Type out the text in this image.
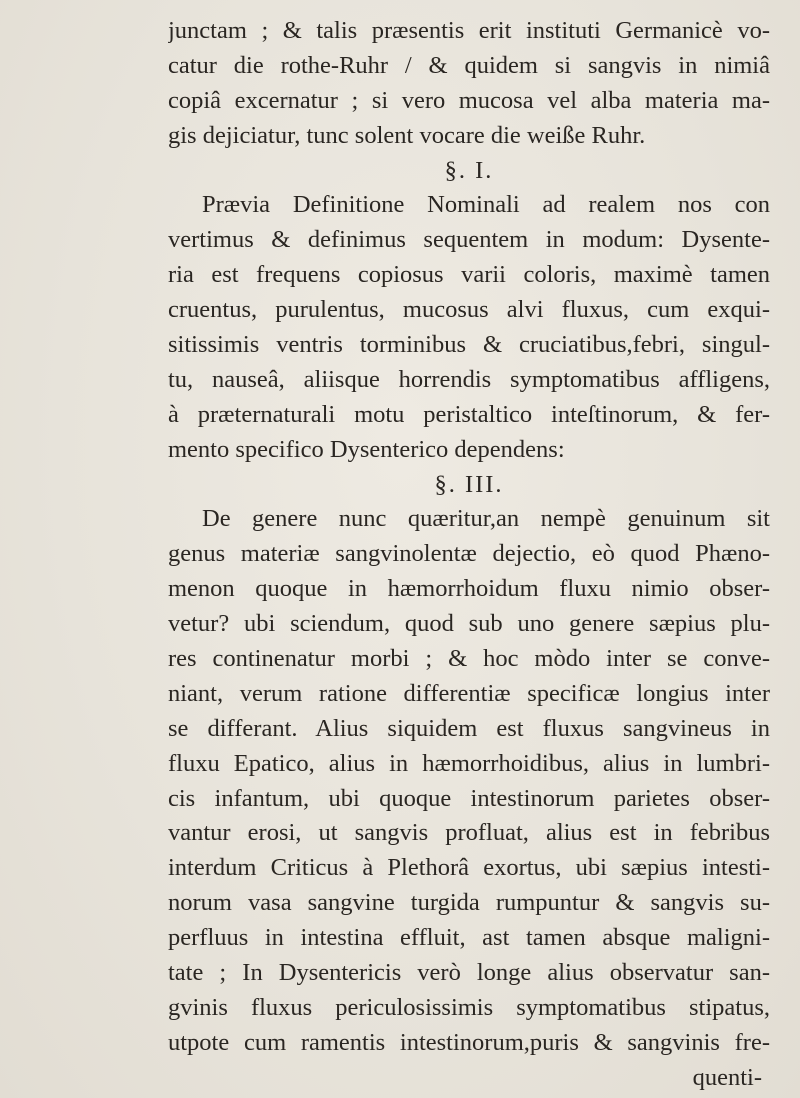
junctam ; & talis præsentis erit instituti Germanicè vo-
catur die rothe-Ruhr / & quidem si sangvis in nimiâ
copiâ excernatur ; si vero mucosa vel alba materia ma-
gis dejiciatur, tunc solent vocare die weiße Ruhr.
§. I.
Prævia Definitione Nominali ad realem nos con
vertimus & definimus sequentem in modum: Dysente-
ria est frequens copiosus varii coloris, maximè tamen
cruentus, purulentus, mucosus alvi fluxus, cum exqui-
sitissimis ventris torminibus & cruciatibus,febri, singul-
tu, nauseâ, aliisque horrendis symptomatibus affligens,
à præternaturali motu peristaltico inteſtinorum, & fer-
mento specifico Dysenterico dependens:
§. III.
De genere nunc quæritur,an nempè genuinum sit
genus materiæ sangvinolentæ dejectio, eò quod Phæno-
menon quoque in hæmorrhoidum fluxu nimio obser-
vetur? ubi sciendum, quod sub uno genere sæpius plu-
res continenatur morbi ; & hoc mòdo inter se conve-
niant, verum ratione differentiæ specificæ longius inter
se differant. Alius siquidem est fluxus sangvineus in
fluxu Epatico, alius in hæmorrhoidibus, alius in lumbri-
cis infantum, ubi quoque intestinorum parietes obser-
vantur erosi, ut sangvis profluat, alius est in febribus
interdum Criticus à Plethorâ exortus, ubi sæpius intesti-
norum vasa sangvine turgida rumpuntur & sangvis su-
perfluus in intestina effluit, ast tamen absque maligni-
tate ; In Dysentericis verò longe alius observatur san-
gvinis fluxus periculosissimis symptomatibus stipatus,
utpote cum ramentis intestinorum,puris & sangvinis fre-
quenti-
